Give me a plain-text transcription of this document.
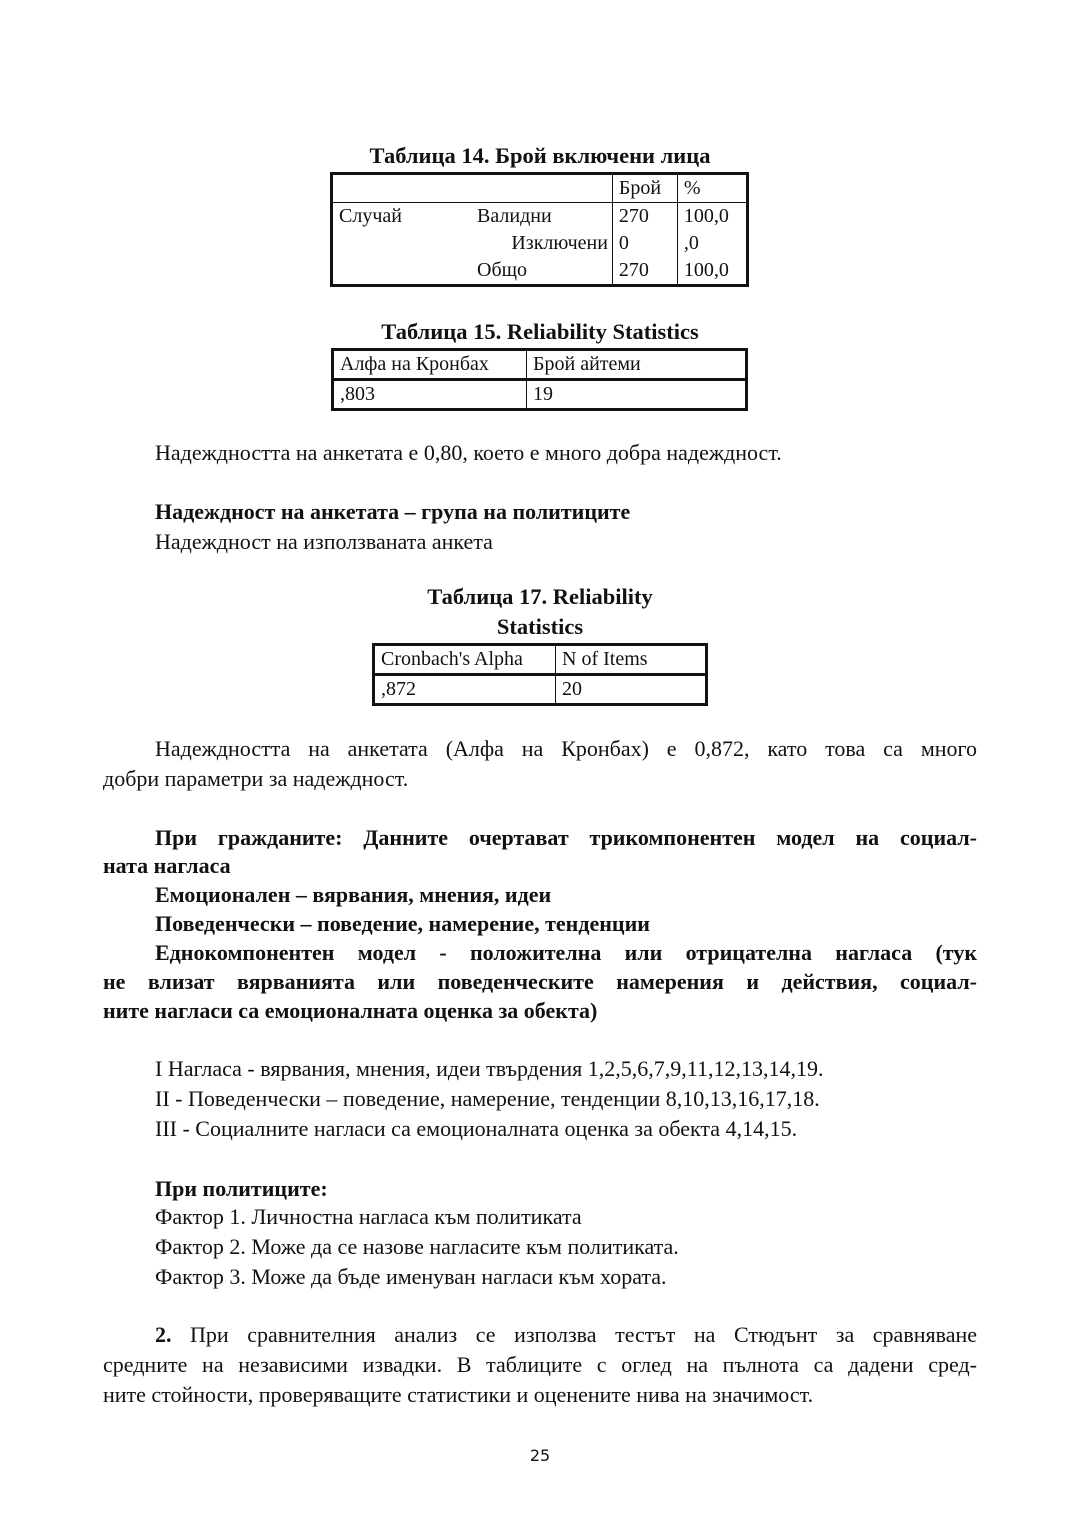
Таблица 14. Брой включени лица
		Брой	%
Случай	Валидни	270	100,0
	Изключени	0	,0
	Общо	270	100,0
Таблица 15. Reliability Statistics
Алфа на Кронбах	Брой айтеми
,803	19
Надеждността на анкетата е 0,80, което е много добра надеждност.
Надеждност на анкетата – група на политиците
Надеждност на използваната анкета
Таблица 17. Reliability
Statistics
Cronbach's Alpha	N of Items
,872	20
Надеждността на анкетата (Алфа на Кронбах) е 0,872, като това са много
добри параметри за надеждност.
При гражданите: Данните очертават трикомпонентен модел на социал-
ната нагласа
Емоционален – вярвания, мнения, идеи
Поведенчески – поведение, намерение, тенденции
Еднокомпонентен модел - положителна или отрицателна нагласа (тук
не влизат вярванията или поведенческите намерения и действия, социал-
ните нагласи са емоционалната оценка за обекта)
I Нагласа - вярвания, мнения, идеи твърдения 1,2,5,6,7,9,11,12,13,14,19.
II - Поведенчески – поведение, намерение, тенденции 8,10,13,16,17,18.
III - Социалните нагласи са емоционалната оценка за обекта 4,14,15.
При политиците:
Фактор 1. Личностна нагласа към политиката
Фактор 2. Може да се назове нагласите към политиката.
Фактор 3. Може да бъде именуван нагласи към хората.
2. При сравнителния анализ се използва тестът на Стюдънт за сравняване
средните на независими извадки. В таблиците с оглед на пълнота са дадени сред-
ните стойности, проверяващите статистики и оценените нива на значимост.
25
